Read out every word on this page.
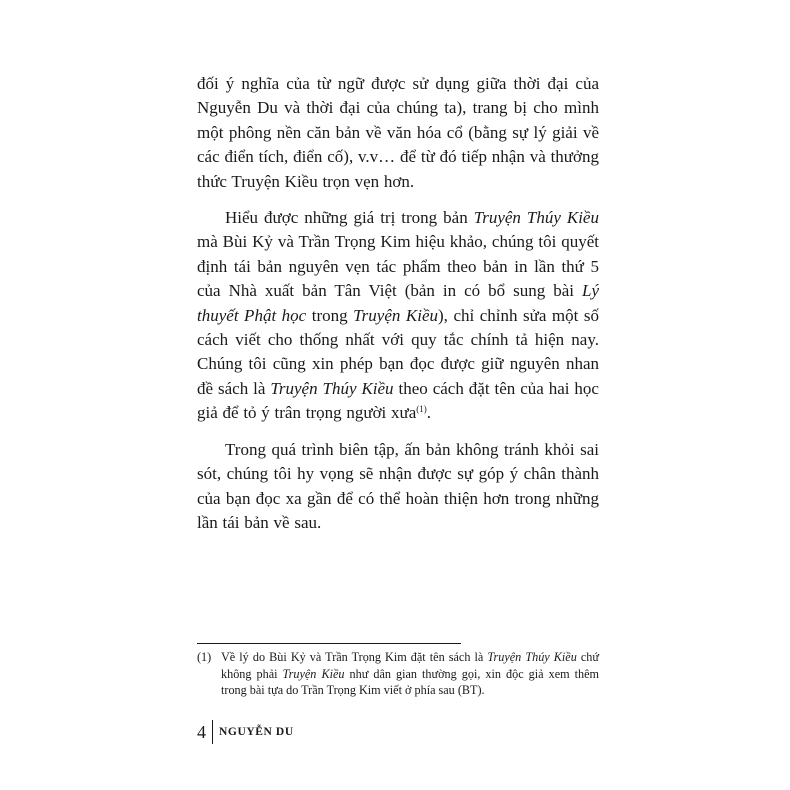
đối ý nghĩa của từ ngữ được sử dụng giữa thời đại của Nguyễn Du và thời đại của chúng ta), trang bị cho mình một phông nền căn bản về văn hóa cổ (bằng sự lý giải về các điển tích, điển cố), v.v… để từ đó tiếp nhận và thưởng thức Truyện Kiều trọn vẹn hơn.

Hiểu được những giá trị trong bản Truyện Thúy Kiều mà Bùi Kỷ và Trần Trọng Kim hiệu khảo, chúng tôi quyết định tái bản nguyên vẹn tác phẩm theo bản in lần thứ 5 của Nhà xuất bản Tân Việt (bản in có bổ sung bài Lý thuyết Phật học trong Truyện Kiều), chỉ chỉnh sửa một số cách viết cho thống nhất với quy tắc chính tả hiện nay. Chúng tôi cũng xin phép bạn đọc được giữ nguyên nhan đề sách là Truyện Thúy Kiều theo cách đặt tên của hai học giả để tỏ ý trân trọng người xưa$^{(1)}$.

Trong quá trình biên tập, ấn bản không tránh khỏi sai sót, chúng tôi hy vọng sẽ nhận được sự góp ý chân thành của bạn đọc xa gần để có thể hoàn thiện hơn trong những lần tái bản về sau.

(1) Về lý do Bùi Kỷ và Trần Trọng Kim đặt tên sách là Truyện Thúy Kiều chứ không phải Truyện Kiều như dân gian thường gọi, xin độc giả xem thêm trong bài tựa do Trần Trọng Kim viết ở phía sau (BT).
4 NGUYỄN DU
